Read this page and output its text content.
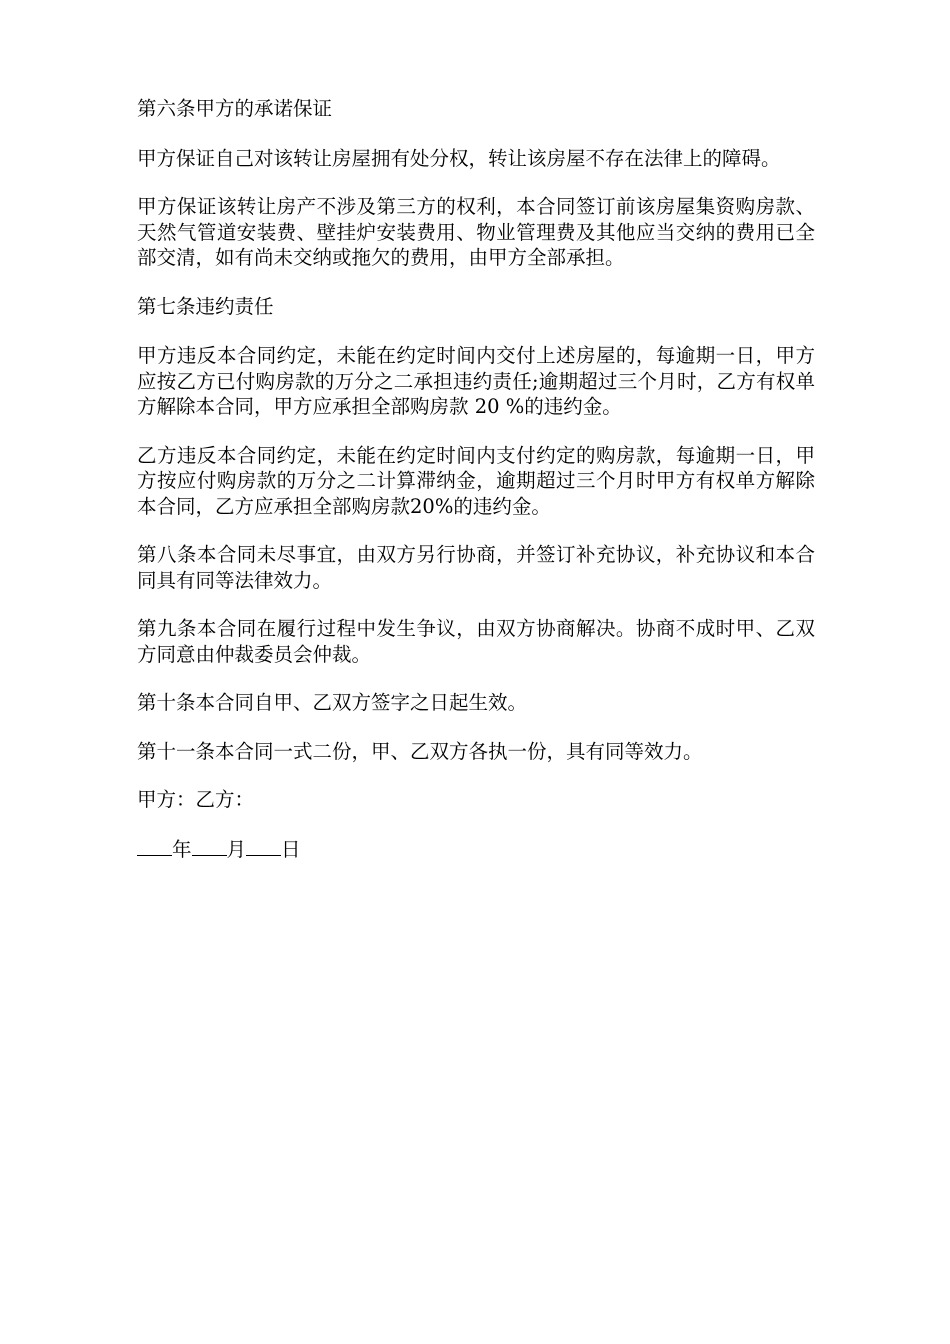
第六条甲方的承诺保证

甲方保证自己对该转让房屋拥有处分权，转让该房屋不存在法律上的障碍。

甲方保证该转让房产不涉及第三方的权利，本合同签订前该房屋集资购房款、天然气管道安装费、壁挂炉安装费用、物业管理费及其他应当交纳的费用已全部交清，如有尚未交纳或拖欠的费用，由甲方全部承担。

第七条违约责任

甲方违反本合同约定，未能在约定时间内交付上述房屋的，每逾期一日，甲方应按乙方已付购房款的万分之二承担违约责任;逾期超过三个月时，乙方有权单方解除本合同，甲方应承担全部购房款 20 %的违约金。

乙方违反本合同约定，未能在约定时间内支付约定的购房款，每逾期一日，甲方按应付购房款的万分之二计算滞纳金，逾期超过三个月时甲方有权单方解除本合同，乙方应承担全部购房款20%的违约金。

第八条本合同未尽事宜，由双方另行协商，并签订补充协议，补充协议和本合同具有同等法律效力。

第九条本合同在履行过程中发生争议，由双方协商解决。协商不成时甲、乙双方同意由仲裁委员会仲裁。

第十条本合同自甲、乙双方签字之日起生效。

第十一条本合同一式二份，甲、乙双方各执一份，具有同等效力。

甲方：乙方：

年 月 日
